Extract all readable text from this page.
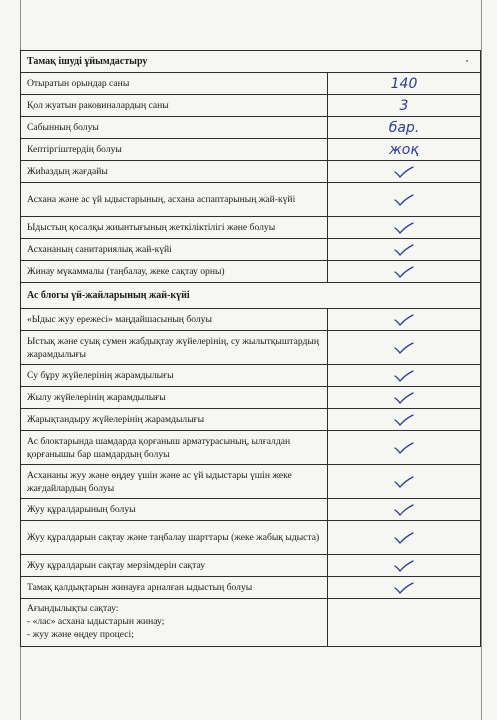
Тамақ ішуді ұйымдастыру
Отыратын орындар саны	140
Қол жуатын раковиналардың саны	3
Сабынның болуы	бар.
Кептіргіштердің болуы	жоқ
Жиһаздың жағдайы
Асхана және ас үй ыдыстарының, асхана аспаптарының жай-күйі
Ыдыстың қосалқы жиынтығының жеткіліктілігі және болуы
Асхананың санитариялық жай-күйі
Жинау мүкаммалы (таңбалау, жеке сақтау орны)
Ас блогы үй-жайларының жай-күйі
«Ыдыс жуу ережесі» маңдайшасының болуы
Ыстық және суық сумен жабдықтау жүйелерінің, су жылытқыштардың жарамдылығы
Су бұру жүйелерінің жарамдылығы
Жылу жүйелерінің жарамдылығы
Жарықтандыру жүйелерінің жарамдылығы
Ас блоктарында шамдарда қорғаныш арматурасының, ылғалдан қорғанышы бар шамдардың болуы
Асхананы жуу және өңдеу үшін және ас үй ыдыстары үшін жеке жағдайлардың болуы
Жуу құралдарының болуы
Жуу құралдарын сақтау және таңбалау шарттары (жеке жабық ыдыста)
Жуу құралдарын сақтау мерзімдерін сақтау
Тамақ қалдықтарын жинауға арналған ыдыстың болуы
Ағындылықты сақтау:
- «лас» асхана ыдыстарын жинау;
- жуу және өңдеу процесі;
